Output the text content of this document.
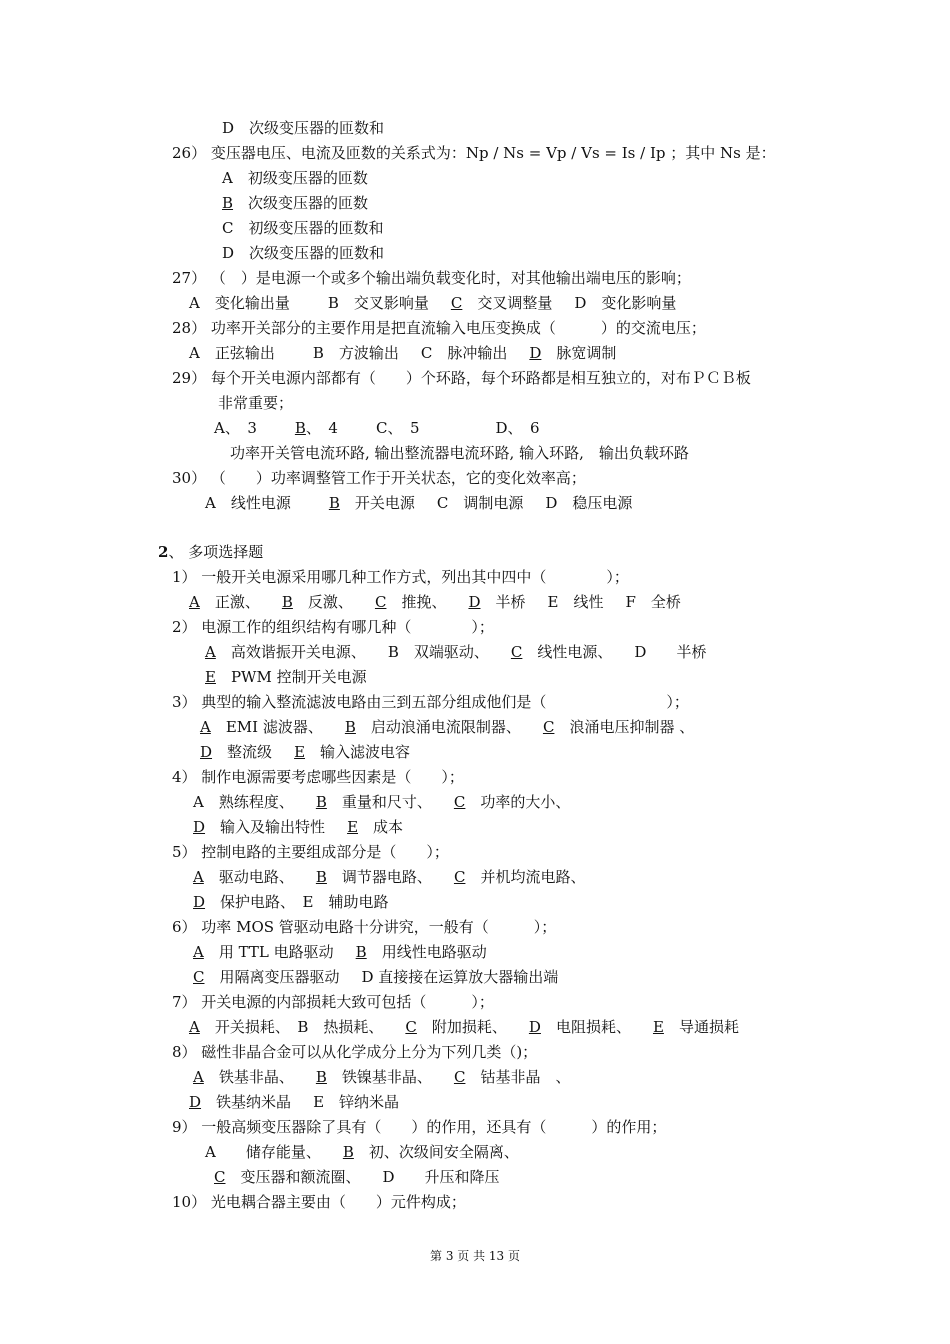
D　次级变压器的匝数和
26） 变压器电压、电流及匝数的关系式为：Np / Ns = Vp / Vs = Is / Ip ；其中 Ns 是：
A　初级变压器的匝数
B　 次级变压器的匝数
C　初级变压器的匝数和
D　次级变压器的匝数和
27） （　）是电源一个或多个输出端负载变化时，对其他输出端电压的影响；
A　变化输出量	B　交叉影响量 C　 交叉调整量 D　变化影响量
28） 功率开关部分的主要作用是把直流输入电压变换成（　　　）的交流电压；
A　正弦输出	B　方波输出 C　脉冲输出 D　 脉宽调制
29） 每个开关电源内部都有（　　）个环路，每个环路都是相互独立的，对布ＰＣＢ板
非常重要；
A、　3	B、　4	C、　5	D、　6
功率开关管电流环路, 输出整流器电流环路, 输入环路,　输出负载环路
30） （　　）功率调整管工作于开关状态，它的变化效率高；
A　线性电源	B　 开关电源 C　调制电源 D　稳压电源
2、 多项选择题
1） 一般开关电源采用哪几种工作方式，列出其中四中（　　　　）；
A　 正激、 B　 反激、 C　 推挽、 D　 半桥 E　线性 F　全桥
2） 电源工作的组织结构有哪几种（　　　　）；
A　 高效谐振开关电源、 B　双端驱动、 C　 线性电源、 D　　半桥
E　 PWM 控制开关电源
3） 典型的输入整流滤波电路由三到五部分组成他们是（　　　　　　　　）；
A　 EMI 滤波器、 B　 启动浪涌电流限制器、 C　 浪涌电压抑制器 、
D　 整流级 E　 输入滤波电容
4） 制作电源需要考虑哪些因素是（　　）；
A　熟练程度、 B　 重量和尺寸、 C　 功率的大小、
D　 输入及输出特性 E　 成本
5） 控制电路的主要组成部分是（　　）；
A　 驱动电路、 B　 调节器电路、 C　 并机均流电路、
D　 保护电路、　E　辅助电路
6） 功率 MOS 管驱动电路十分讲究，一般有（　　　）；
A　 用 TTL 电路驱动 B　 用线性电路驱动
C　 用隔离变压器驱动 D 直接接在运算放大器输出端
7） 开关电源的内部损耗大致可包括（　　　）；
A　 开关损耗、　B　热损耗、 C　 附加损耗、 D　 电阻损耗、 E　 导通损耗
8） 磁性非晶合金可以从化学成分上分为下列几类（)；
A　 铁基非晶、 B　 铁镍基非晶、 C　 钴基非晶　、
D　 铁基纳米晶 E　锌纳米晶
9） 一般高频变压器除了具有（　　）的作用，还具有（　　　）的作用；
A　　储存能量、 B　 初、次级间安全隔离、
C　 变压器和额流圈、 D　　升压和降压
10） 光电耦合器主要由（　　）元件构成；
第 3 页 共 13 页
